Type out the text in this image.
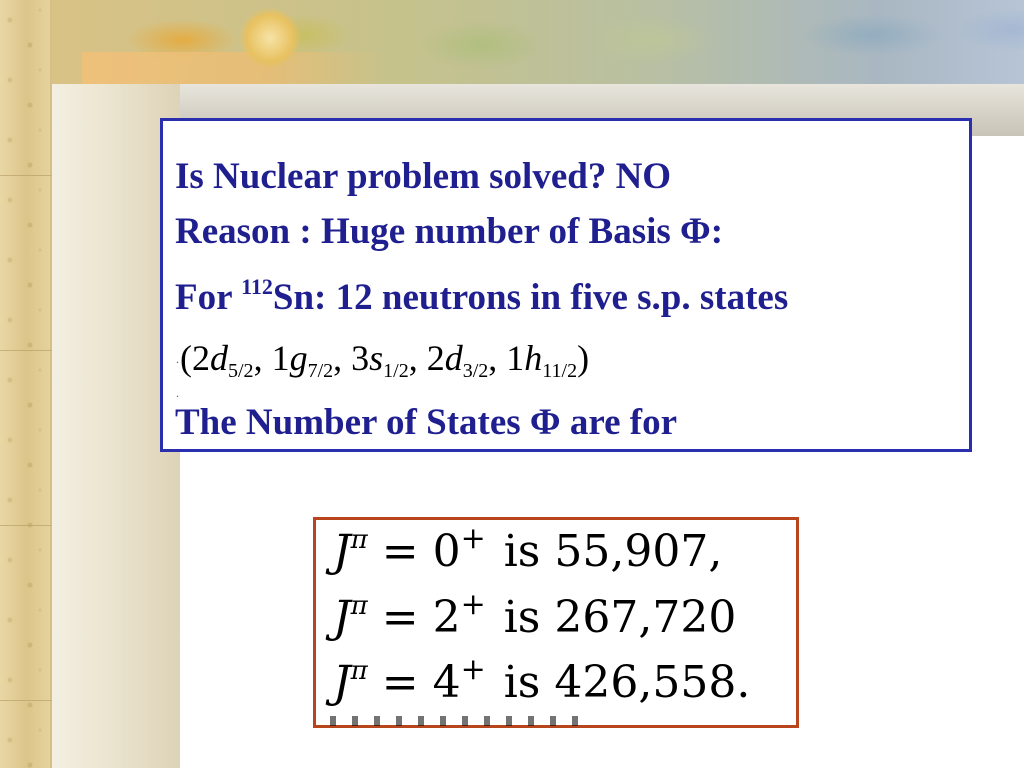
Is Nuclear problem solved? NO

Reason : Huge number of Basis Φ:

For $^{112}$Sn: 12 neutrons in five s.p. states

($2d_{5/2}$, $1g_{7/2}$, $3s_{1/2}$, $2d_{3/2}$, $1h_{11/2}$)
.
.

The Number of States Φ are for

$J^\pi = 0^+$ is 55,907,
$J^\pi = 2^+$ is 267,720
$J^\pi = 4^+$ is 426,558.
